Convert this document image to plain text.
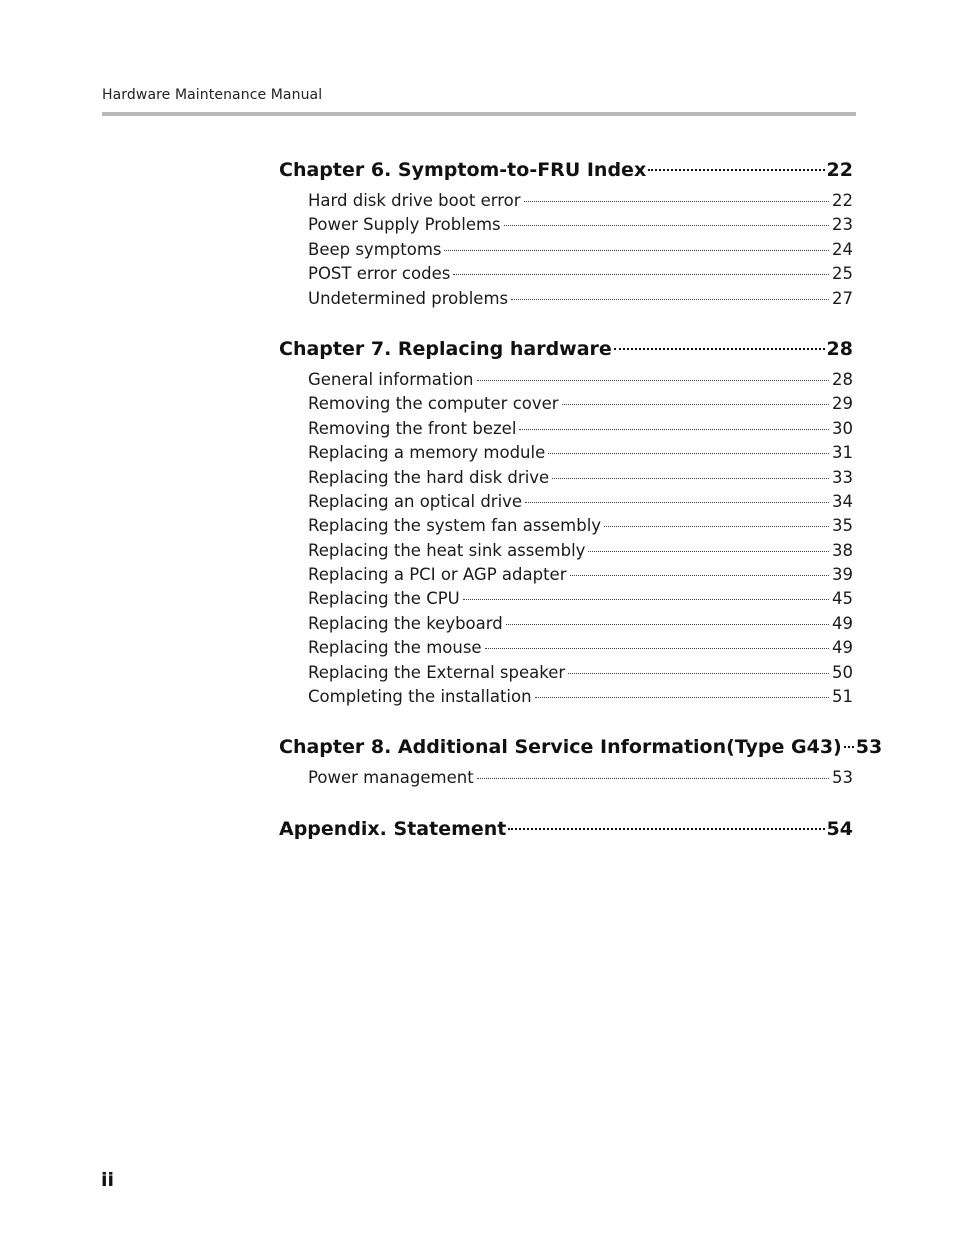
Hardware Maintenance Manual
Chapter 6. Symptom-to-FRU Index	22
Hard disk drive boot error	22
Power Supply Problems	23
Beep symptoms	24
POST error codes	25
Undetermined problems	27
Chapter 7. Replacing hardware	28
General information	28
Removing the computer cover	29
Removing the front bezel	30
Replacing a memory module	31
Replacing the hard disk drive	33
Replacing an optical drive	34
Replacing the system fan assembly	35
Replacing the heat sink assembly	38
Replacing a PCI or AGP adapter	39
Replacing the CPU	45
Replacing the keyboard	49
Replacing the mouse	49
Replacing the External speaker	50
Completing the installation	51
Chapter 8. Additional Service Information(Type G43) 53
Power management	53
Appendix. Statement	54
ii
